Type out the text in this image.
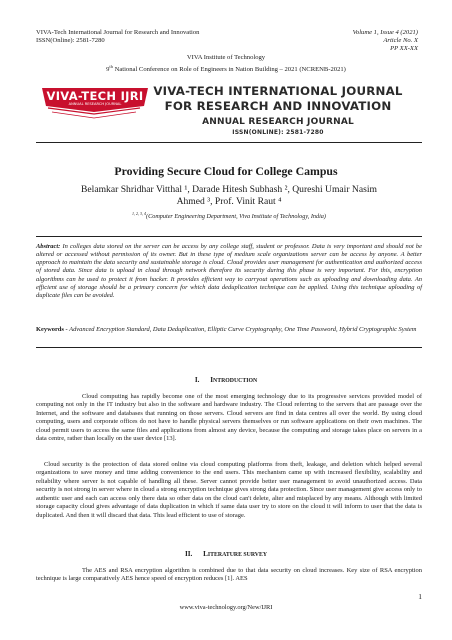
VIVA-Tech International Journal for Research and Innovation
ISSN(Online): 2581-7280
Volume 1, Issue 4 (2021)
Article No. X
PP XX-XX
VIVA Institute of Technology
9th National Conference on Role of Engineers in Nation Building – 2021 (NCRENB-2021)
VIVA-TECH IJRI
ANNUAL RESEARCH JOURNAL
VIVA-TECH INTERNATIONAL JOURNAL
FOR RESEARCH AND INNOVATION
ANNUAL RESEARCH JOURNAL
ISSN(ONLINE): 2581-7280
Providing Secure Cloud for College Campus
Belamkar Shridhar Vitthal ¹, Darade Hitesh Subhash ², Qureshi Umair Nasim
Ahmed ³, Prof. Vinit Raut ⁴
$^{1, 2, 3, 4}$(Computer Engineering Department, Viva Institute of Technology, India)
Abstract: In colleges data stored on the server can be access by any college staff, student or professor. Data is very important and should not be altered or accessed without permission of its owner. But in these type of medium scale organizations server can be access by anyone. A better approach to maintain the data security and sustainable storage is cloud. Cloud provides user management for authentication and authorized access of stored data. Since data is upload in cloud through network therefore its security during this phase is very important. For this, encryption algorithms can be used to protect it from hacker. It provides efficient way to carryout operations such as uploading and downloading data. An efficient use of storage should be a primary concern for which data deduplication technique can be applied. Using this technique uploading of duplicate files can be avoided.
Keywords - Advanced Encryption Standard, Data Deduplication, Elliptic Curve Cryptography, One Time Password, Hybrid Cryptographic System
I. INTRODUCTION
Cloud computing has rapidly become one of the most emerging technology due to its progressive services provided model of computing not only in the IT industry but also in the software and hardware industry. The Cloud referring to the servers that are passage over the Internet, and the software and databases that running on those servers. Cloud servers are find in data centres all over the world. By using cloud computing, users and corporate offices do not have to handle physical servers themselves or run software applications on their own machines. The cloud permit users to access the same files and applications from almost any device, because the computing and storage takes place on servers in a data centre, rather than locally on the user device [13].
Cloud security is the protection of data stored online via cloud computing platforms from theft, leakage, and deletion which helped several organizations to save money and time adding convenience to the end users. This mechanism came up with increased flexibility, scalability and reliability where server is not capable of handling all these. Server cannot provide better user management to avoid unauthorized access. Data security is not strong in server where in cloud a strong encryption technique gives strong data protection. Since user management give access only to authentic user and each can access only there data so other data on the cloud can't delete, alter and misplaced by any means. Although with limited storage capacity cloud gives advantage of data duplication in which if same data user try to store on the cloud it will inform to user that the data is duplicated. And then it will discard that data. This lead efficient to use of storage.
II. LITERATURE SURVEY
The AES and RSA encryption algorithm is combined due to that data security on cloud increases. Key size of RSA encryption technique is large comparatively AES hence speed of encryption reduces [1]. AES
1
www.viva-technology.org/New/IJRI
